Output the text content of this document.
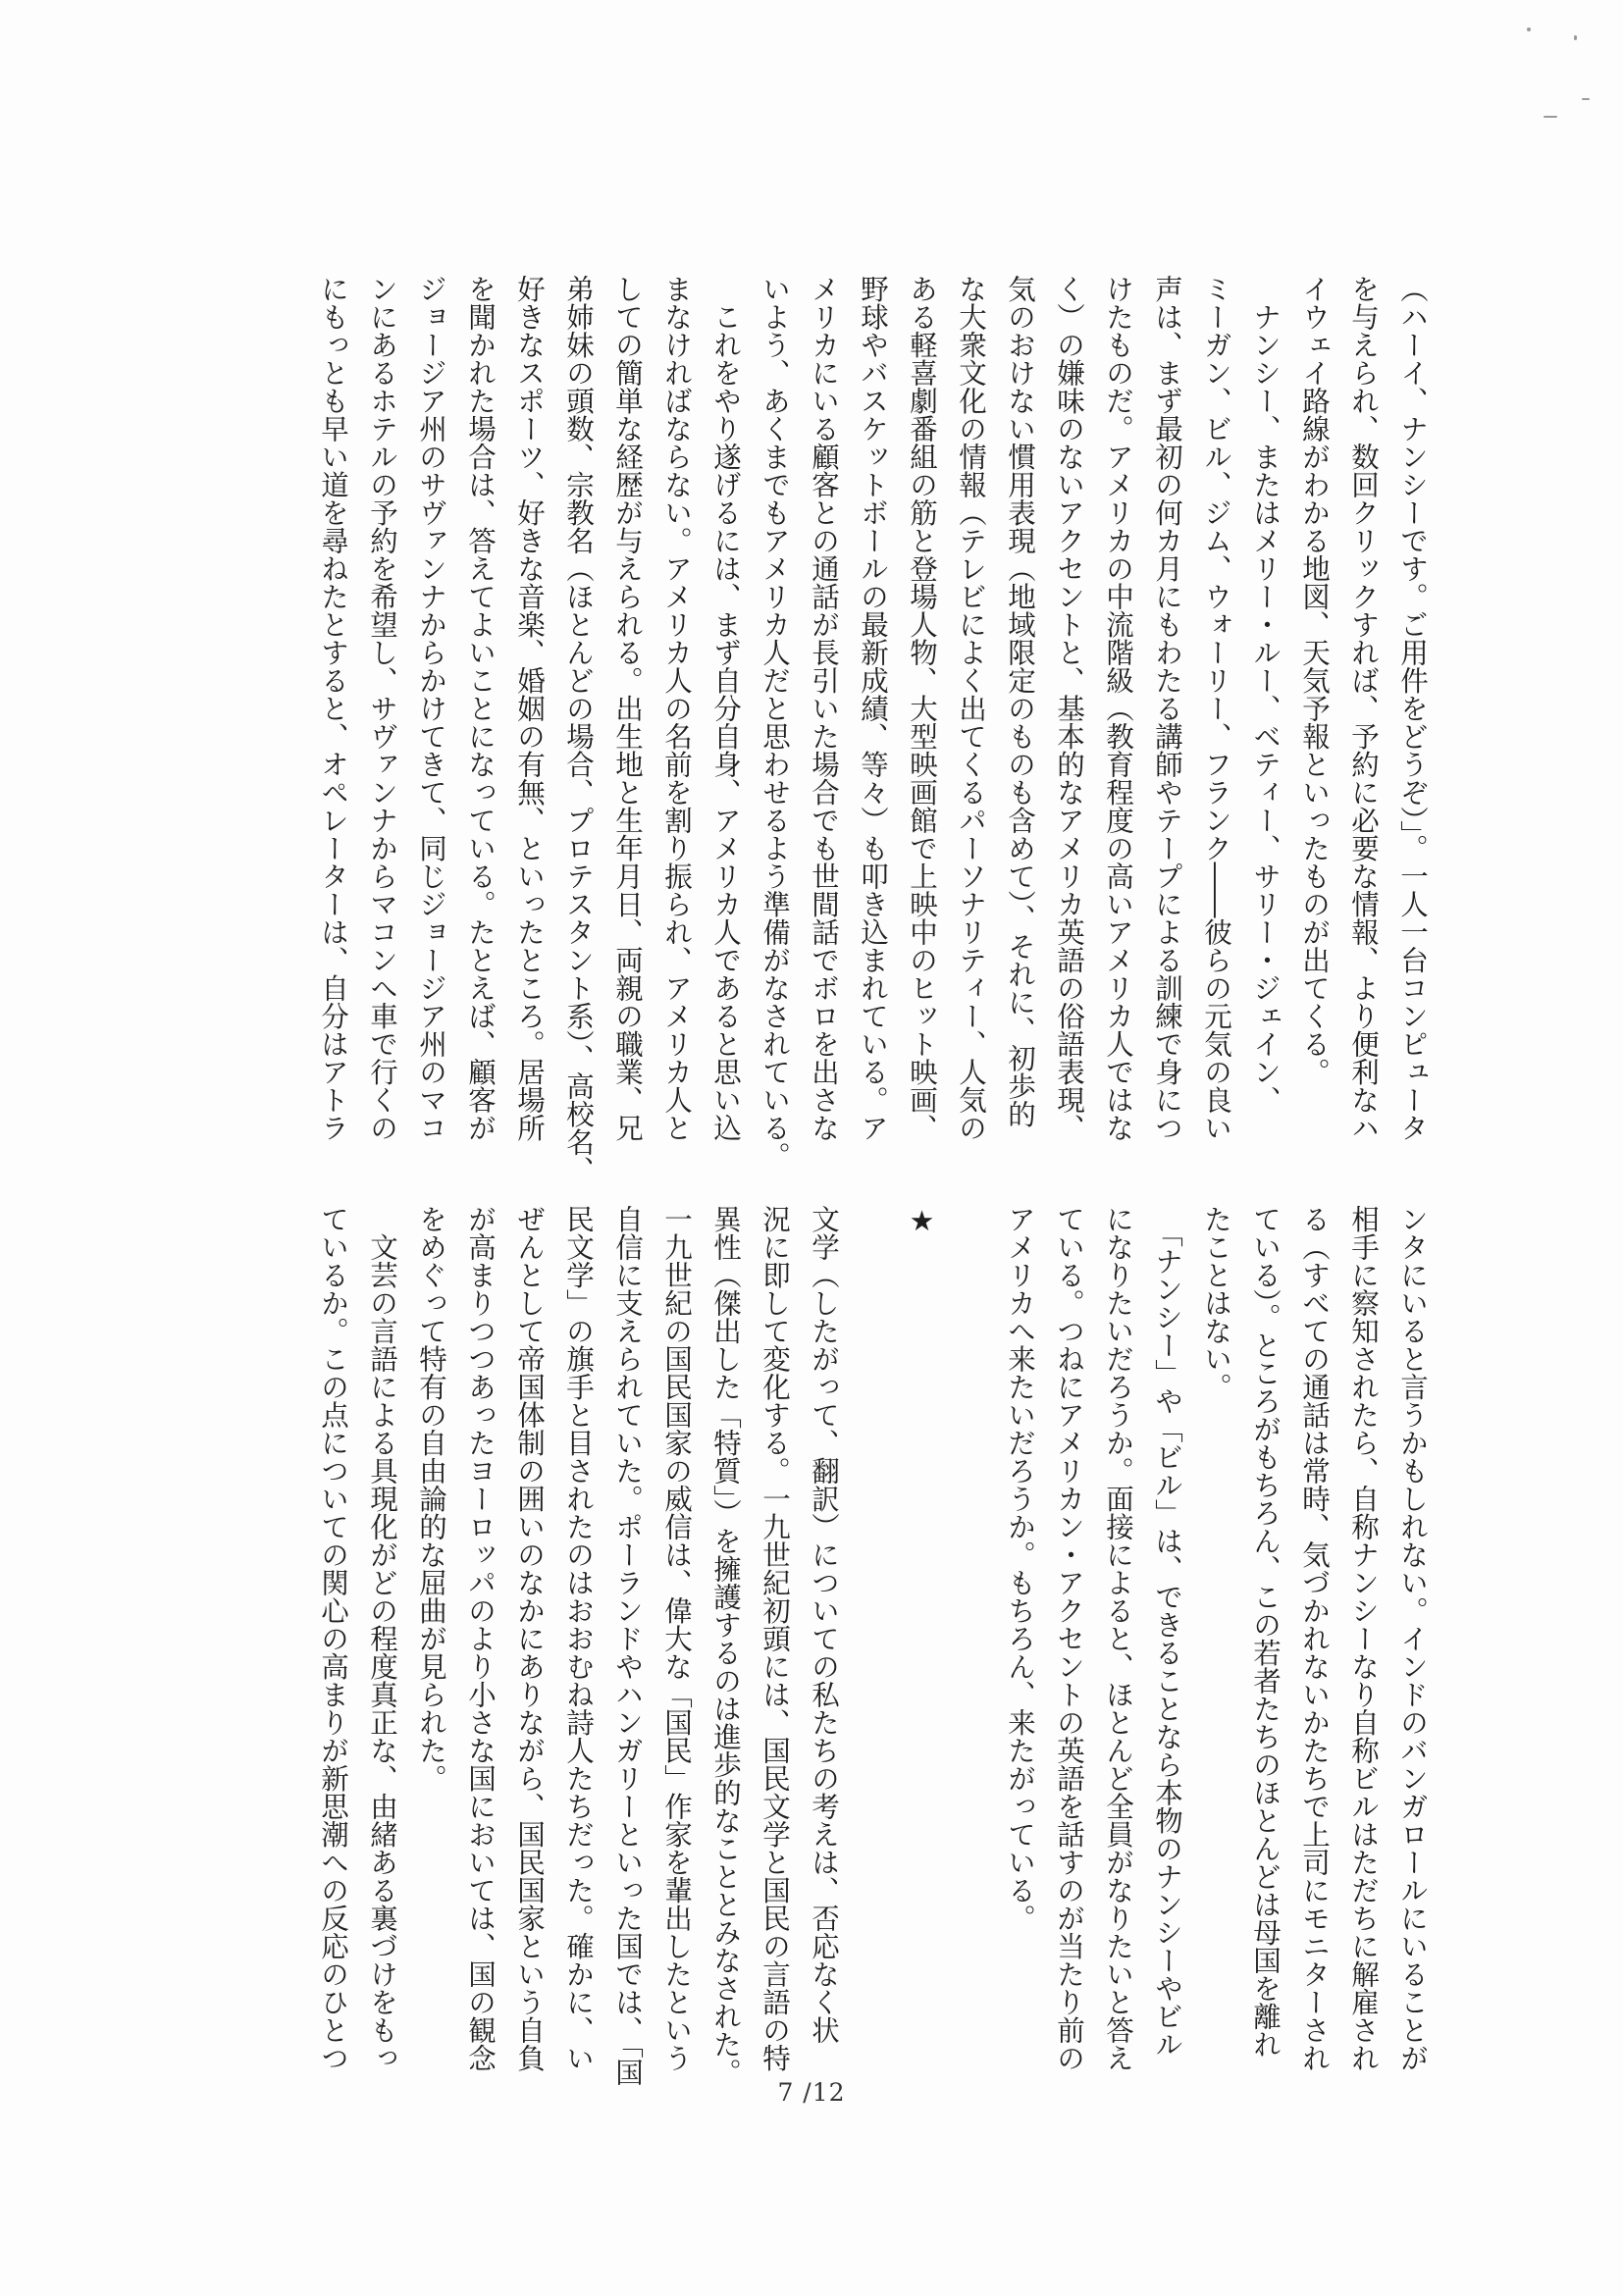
（ハーイ、ナンシーです。ご用件をどうぞ）」。一人一台コンピュータ
を与えられ、数回クリックすれば、予約に必要な情報、より便利なハ
イウェイ路線がわかる地図、天気予報といったものが出てくる。
　ナンシー、またはメリー・ルー、ベティー、サリー・ジェイン、
ミーガン、ビル、ジム、ウォーリー、フランク――彼らの元気の良い
声は、まず最初の何カ月にもわたる講師やテープによる訓練で身につ
けたものだ。アメリカの中流階級（教育程度の高いアメリカ人ではな
く）の嫌味のないアクセントと、基本的なアメリカ英語の俗語表現、
気のおけない慣用表現（地域限定のものも含めて）、それに、初歩的
な大衆文化の情報（テレビによく出てくるパーソナリティー、人気の
ある軽喜劇番組の筋と登場人物、大型映画館で上映中のヒット映画、
野球やバスケットボールの最新成績、等々）も叩き込まれている。ア
メリカにいる顧客との通話が長引いた場合でも世間話でボロを出さな
いよう、あくまでもアメリカ人だと思わせるよう準備がなされている。
　これをやり遂げるには、まず自分自身、アメリカ人であると思い込
まなければならない。アメリカ人の名前を割り振られ、アメリカ人と
しての簡単な経歴が与えられる。出生地と生年月日、両親の職業、兄
弟姉妹の頭数、宗教名（ほとんどの場合、プロテスタント系）、高校名、
好きなスポーツ、好きな音楽、婚姻の有無、といったところ。居場所
を聞かれた場合は、答えてよいことになっている。たとえば、顧客が
ジョージア州のサヴァンナからかけてきて、同じジョージア州のマコ
ンにあるホテルの予約を希望し、サヴァンナからマコンへ車で行くの
にもっとも早い道を尋ねたとすると、オペレーターは、自分はアトラ
ンタにいると言うかもしれない。インドのバンガロールにいることが
相手に察知されたら、自称ナンシーなり自称ビルはただちに解雇され
る（すべての通話は常時、気づかれないかたちで上司にモニターされ
ている）。ところがもちろん、この若者たちのほとんどは母国を離れ
たことはない。
　「ナンシー」や「ビル」は、できることなら本物のナンシーやビル
になりたいだろうか。面接によると、ほとんど全員がなりたいと答え
ている。つねにアメリカン・アクセントの英語を話すのが当たり前の
アメリカへ来たいだろうか。もちろん、来たがっている。

★

文学（したがって、翻訳）についての私たちの考えは、否応なく状
況に即して変化する。一九世紀初頭には、国民文学と国民の言語の特
異性（傑出した「特質」）を擁護するのは進歩的なこととみなされた。
一九世紀の国民国家の威信は、偉大な「国民」作家を輩出したという
自信に支えられていた。ポーランドやハンガリーといった国では、「国
民文学」の旗手と目されたのはおおむね詩人たちだった。確かに、い
ぜんとして帝国体制の囲いのなかにありながら、国民国家という自負
が高まりつつあったヨーロッパのより小さな国においては、国の観念
をめぐって特有の自由論的な屈曲が見られた。
　文芸の言語による具現化がどの程度真正な、由緒ある裏づけをもっ
ているか。この点についての関心の高まりが新思潮への反応のひとつ
7 /12
